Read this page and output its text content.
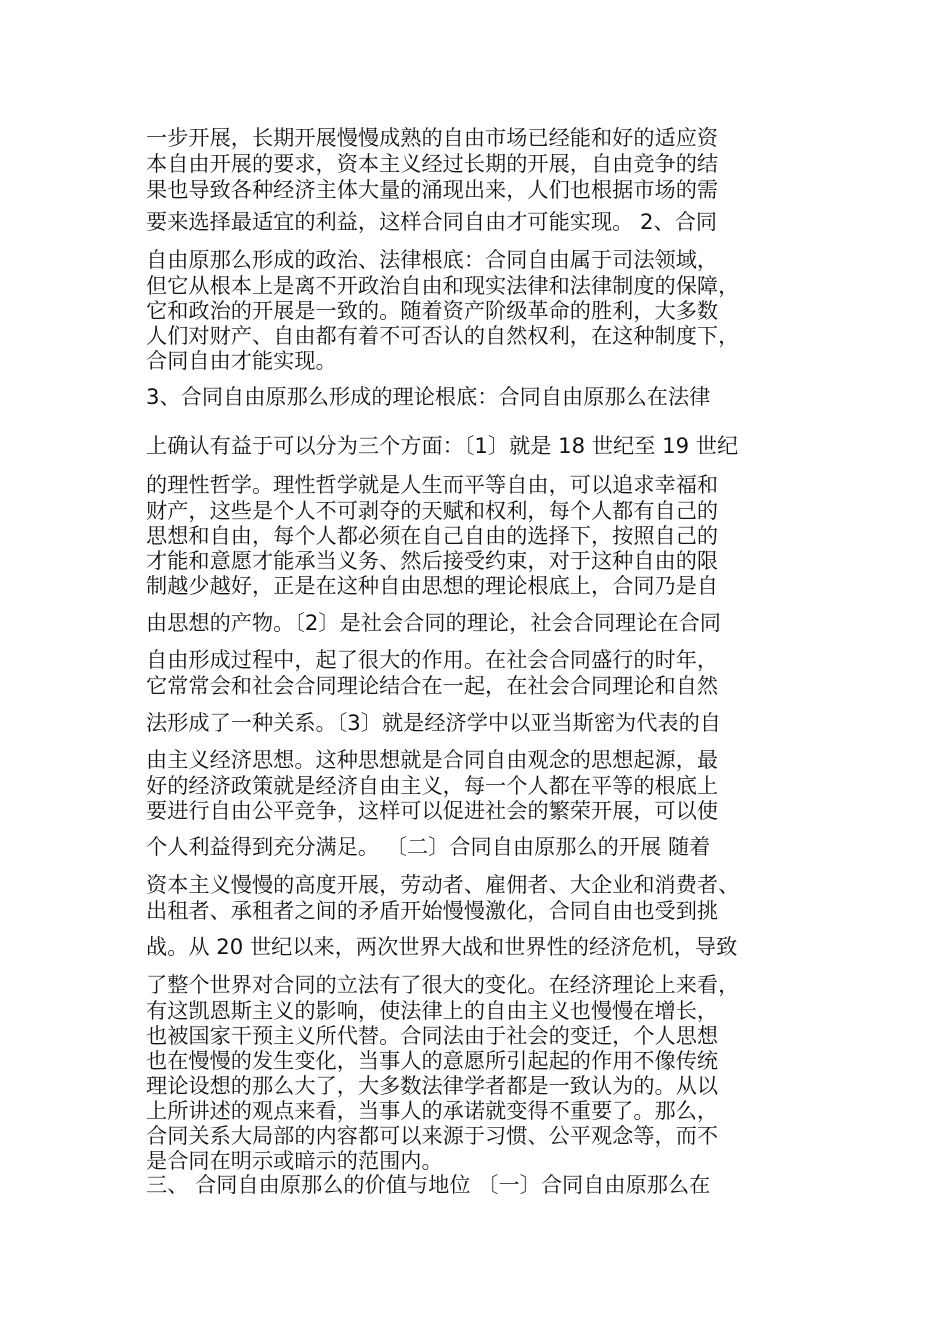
一步开展，长期开展慢慢成熟的自由市场已经能和好的适应资

本自由开展的要求，资本主义经过长期的开展，自由竞争的结

果也导致各种经济主体大量的涌现出来，人们也根据市场的需

要来选择最适宜的利益，这样合同自由才可能实现。 2、合同

自由原那么形成的政治、法律根底：合同自由属于司法领域，

但它从根本上是离不开政治自由和现实法律和法律制度的保障，

它和政治的开展是一致的。随着资产阶级革命的胜利，大多数

人们对财产、自由都有着不可否认的自然权利，在这种制度下，

合同自由才能实现。

3、合同自由原那么形成的理论根底：合同自由原那么在法律

上确认有益于可以分为三个方面：〔1〕就是 18 世纪至 19 世纪

的理性哲学。理性哲学就是人生而平等自由，可以追求幸福和

财产，这些是个人不可剥夺的天赋和权利，每个人都有自己的

思想和自由，每个人都必须在自己自由的选择下，按照自己的

才能和意愿才能承当义务、然后接受约束，对于这种自由的限

制越少越好，正是在这种自由思想的理论根底上，合同乃是自

由思想的产物。〔2〕是社会合同的理论，社会合同理论在合同

自由形成过程中，起了很大的作用。在社会合同盛行的时年，

它常常会和社会合同理论结合在一起，在社会合同理论和自然

法形成了一种关系。〔3〕就是经济学中以亚当斯密为代表的自

由主义经济思想。这种思想就是合同自由观念的思想起源，最

好的经济政策就是经济自由主义，每一个人都在平等的根底上

要进行自由公平竞争，这样可以促进社会的繁荣开展，可以使

个人利益得到充分满足。 〔二〕合同自由原那么的开展 随着

资本主义慢慢的高度开展，劳动者、雇佣者、大企业和消费者、

出租者、承租者之间的矛盾开始慢慢激化，合同自由也受到挑

战。从 20 世纪以来，两次世界大战和世界性的经济危机，导致

了整个世界对合同的立法有了很大的变化。在经济理论上来看，

有这凯恩斯主义的影响，使法律上的自由主义也慢慢在增长，

也被国家干预主义所代替。合同法由于社会的变迁，个人思想

也在慢慢的发生变化，当事人的意愿所引起起的作用不像传统

理论设想的那么大了，大多数法律学者都是一致认为的。从以

上所讲述的观点来看，当事人的承诺就变得不重要了。那么，

合同关系大局部的内容都可以来源于习惯、公平观念等，而不

是合同在明示或暗示的范围内。

三、 合同自由原那么的价值与地位 〔一〕合同自由原那么在
